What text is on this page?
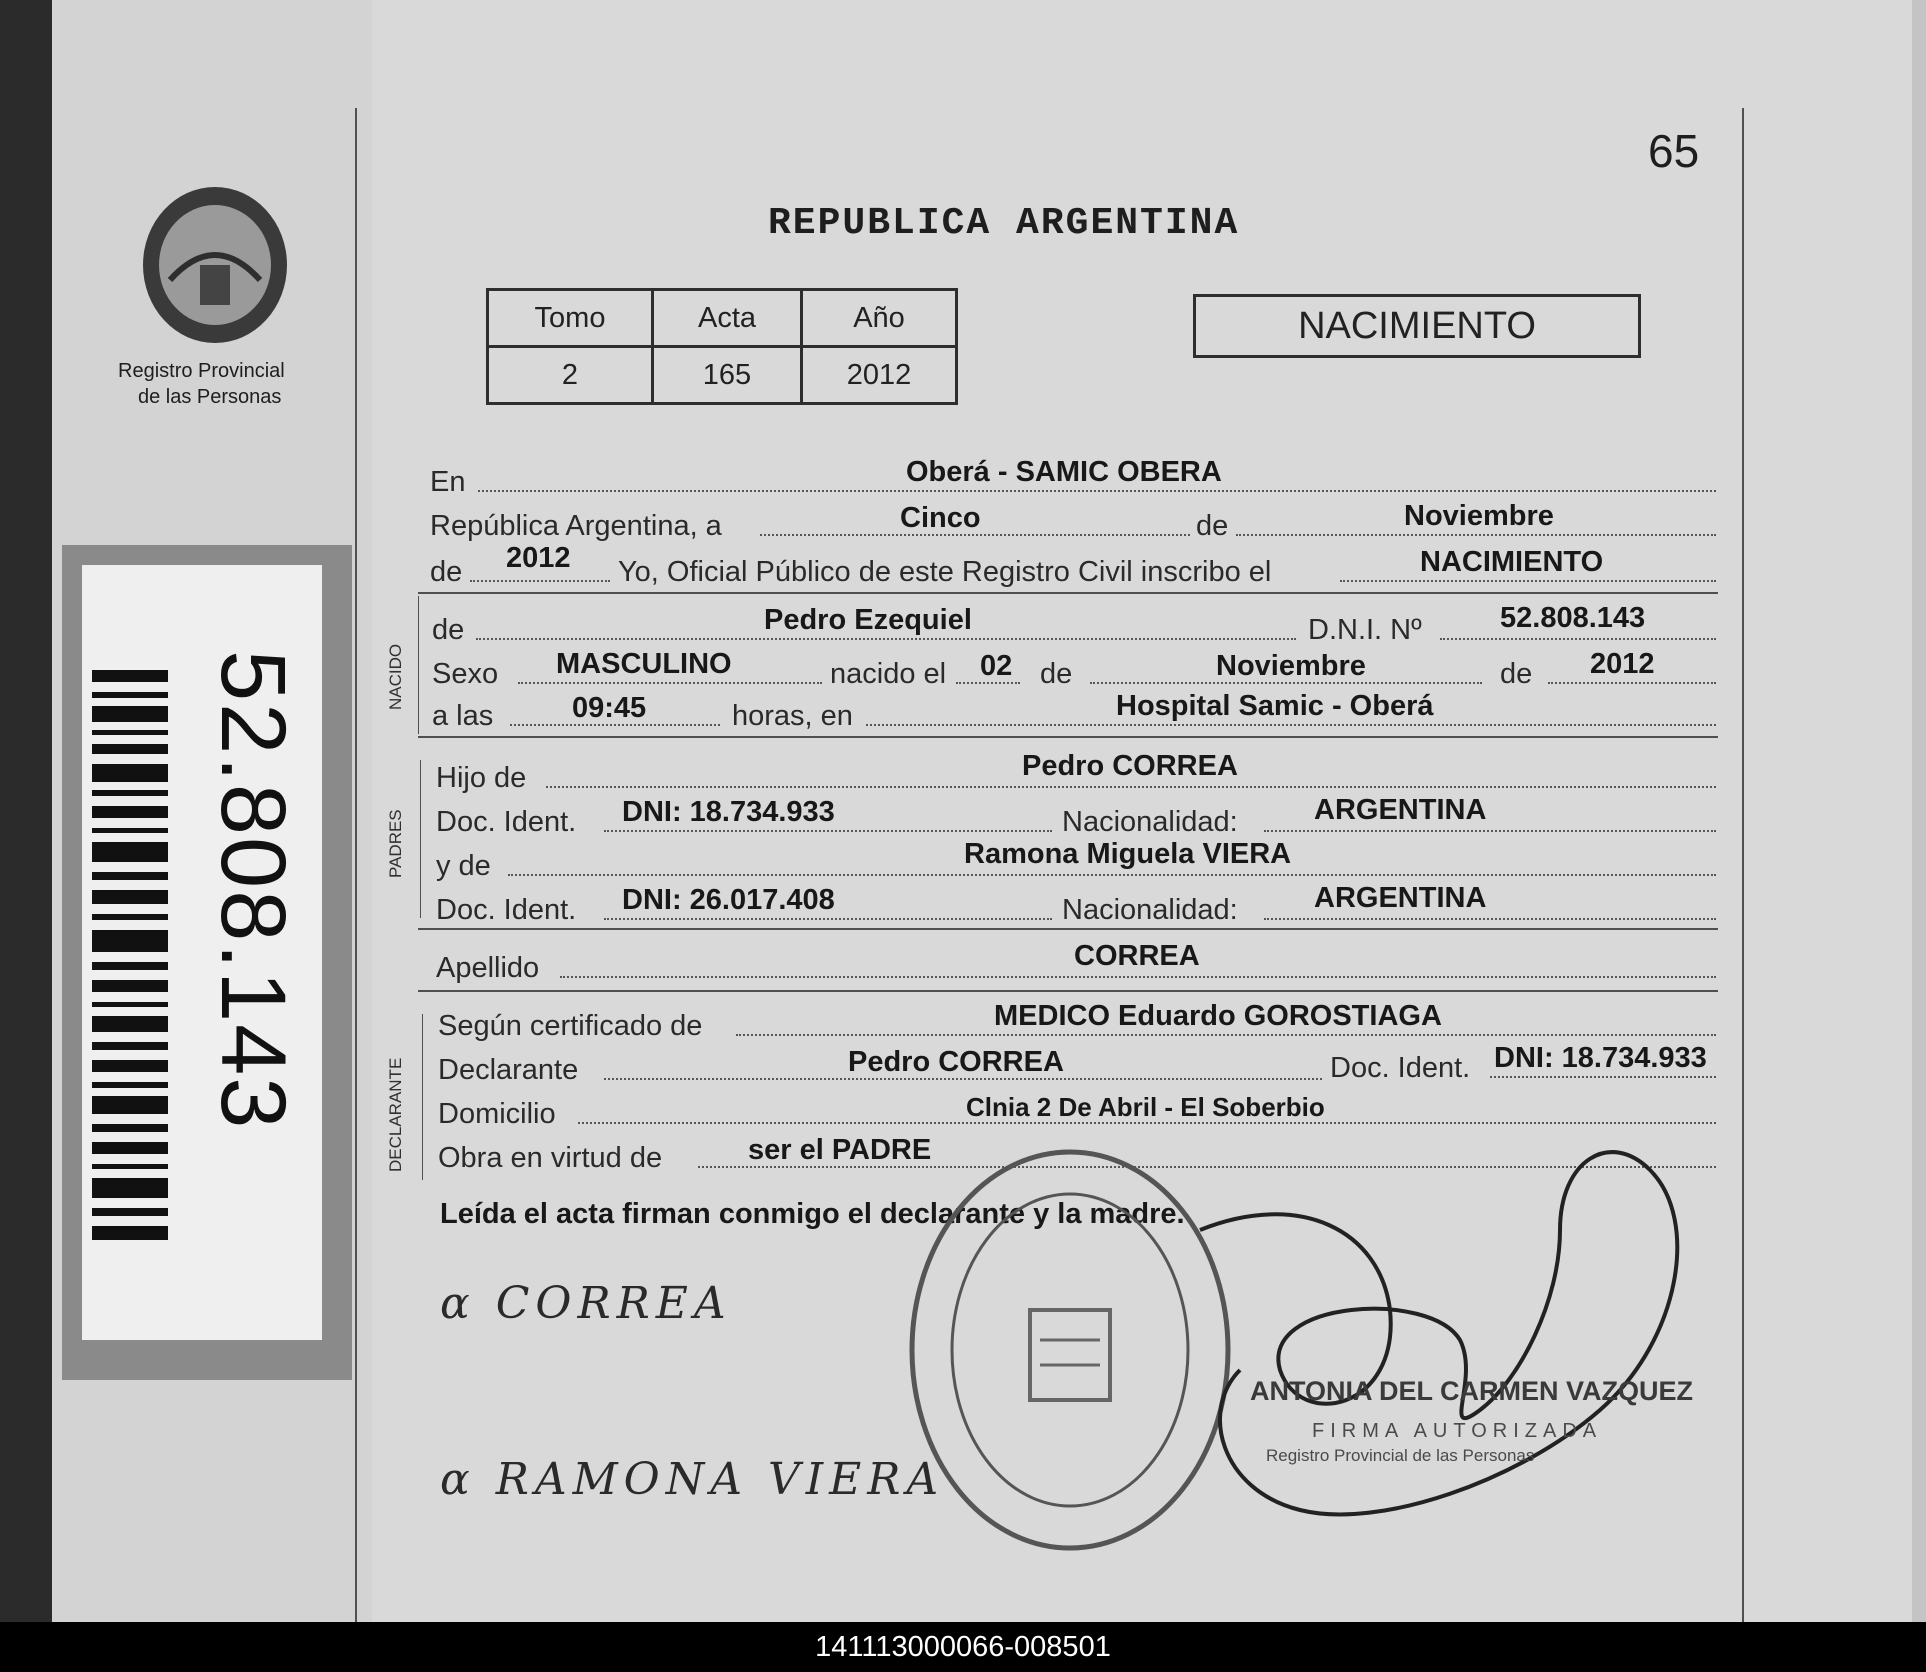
Registro Provincial
de las Personas
52.808.143
65
REPUBLICA ARGENTINA
Tomo	Acta	Año
2	165	2012
NACIMIENTO
En	Oberá - SAMIC OBERA
República Argentina, a	Cinco	de	Noviembre
de 2012 Yo, Oficial Público de este Registro Civil inscribo el	NACIMIENTO
NACIDO
de	Pedro Ezequiel	D.N.I. Nº	52.808.143
Sexo MASCULINO	nacido el 02 de	Noviembre	de 2012
a las	09:45	horas, en	Hospital Samic - Oberá
PADRES
Hijo de	Pedro CORREA
Doc. Ident. DNI: 18.734.933	Nacionalidad:	ARGENTINA
y de	Ramona Miguela VIERA
Doc. Ident. DNI: 26.017.408	Nacionalidad:	ARGENTINA
Apellido	CORREA
DECLARANTE
Según certificado de	MEDICO Eduardo GOROSTIAGA
Declarante	Pedro CORREA	Doc. Ident. DNI: 18.734.933
Domicilio	Clnia 2 De Abril - El Soberbio
Obra en virtud de	ser el PADRE
Leída el acta firman conmigo el declarante y la madre.
α CORREA
α RAMONA VIERA
ANTONIA DEL CARMEN VAZQUEZ
FIRMA AUTORIZADA
Registro Provincial de las Personas
141113000066-008501
